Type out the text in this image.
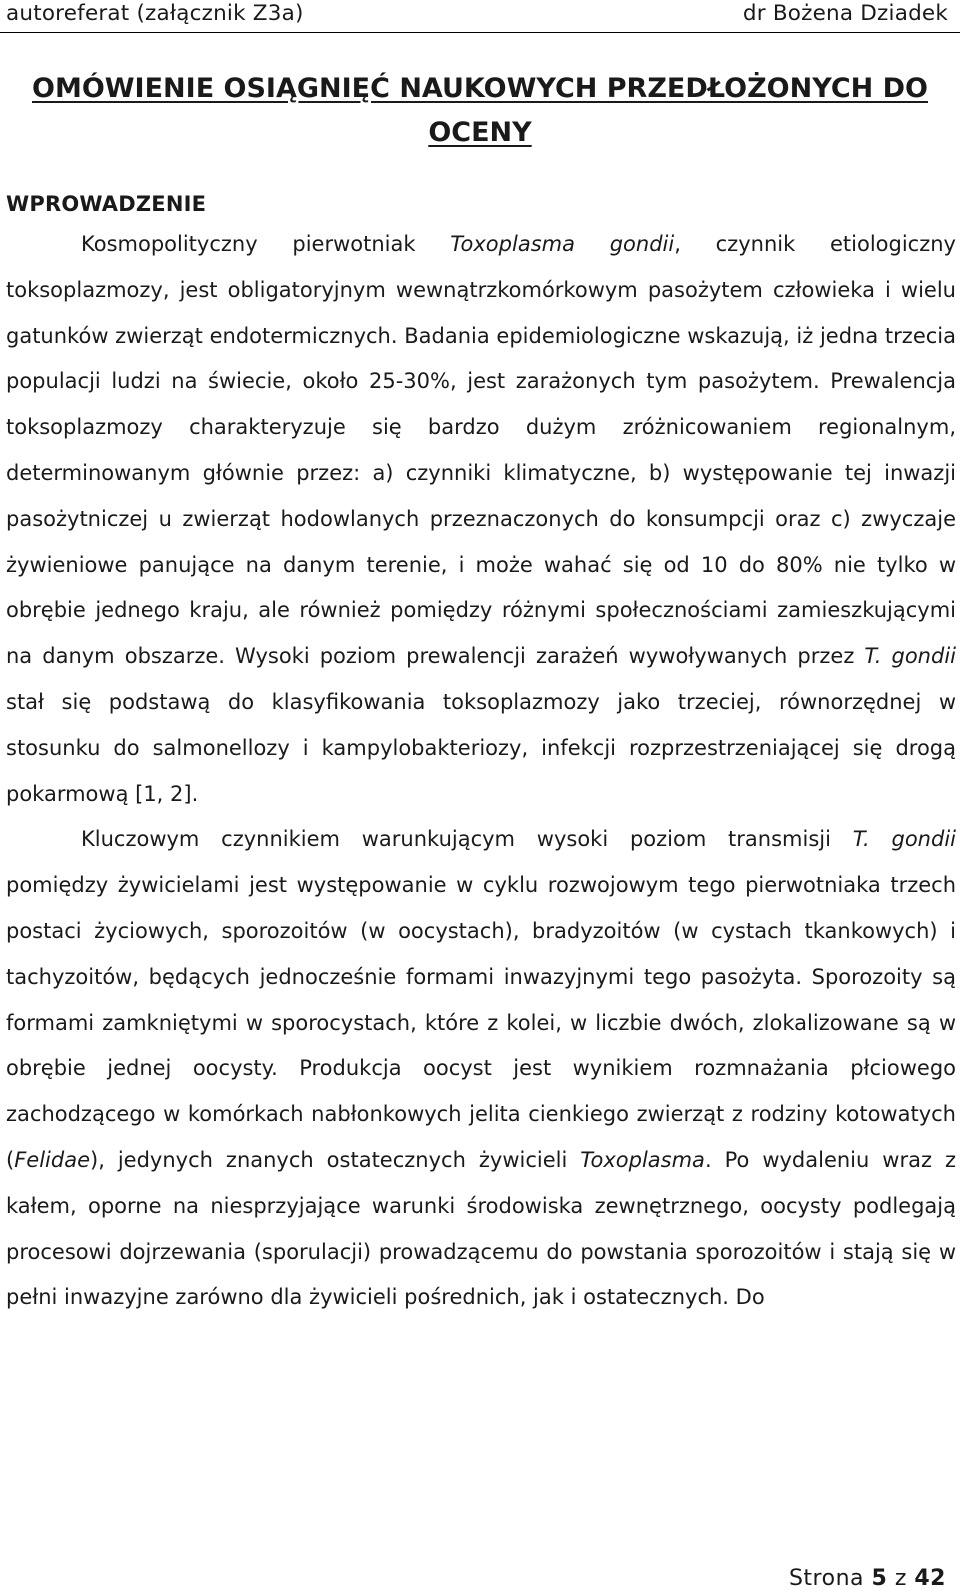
autoreferat (załącznik Z3a)	dr Bożena Dziadek
OMÓWIENIE OSIĄGNIĘĆ NAUKOWYCH PRZEDŁOŻONYCH DO OCENY
WPROWADZENIE

Kosmopolityczny pierwotniak Toxoplasma gondii, czynnik etiologiczny toksoplazmozy, jest obligatoryjnym wewnątrzkomórkowym pasożytem człowieka i wielu gatunków zwierząt endotermicznych. Badania epidemiologiczne wskazują, iż jedna trzecia populacji ludzi na świecie, około 25-30%, jest zarażonych tym pasożytem. Prewalencja toksoplazmozy charakteryzuje się bardzo dużym zróżnicowaniem regionalnym, determinowanym głównie przez: a) czynniki klimatyczne, b) występowanie tej inwazji pasożytniczej u zwierząt hodowlanych przeznaczonych do konsumpcji oraz c) zwyczaje żywieniowe panujące na danym terenie, i może wahać się od 10 do 80% nie tylko w obrębie jednego kraju, ale również pomiędzy różnymi społecznościami zamieszkującymi na danym obszarze. Wysoki poziom prewalencji zarażeń wywoływanych przez T. gondii stał się podstawą do klasyfikowania toksoplazmozy jako trzeciej, równorzędnej w stosunku do salmonellozy i kampylobakteriozy, infekcji rozprzestrzeniającej się drogą pokarmową [1, 2].

Kluczowym czynnikiem warunkującym wysoki poziom transmisji T. gondii pomiędzy żywicielami jest występowanie w cyklu rozwojowym tego pierwotniaka trzech postaci życiowych, sporozoitów (w oocystach), bradyzoitów (w cystach tkankowych) i tachyzoitów, będących jednocześnie formami inwazyjnymi tego pasożyta. Sporozoity są formami zamkniętymi w sporocystach, które z kolei, w liczbie dwóch, zlokalizowane są w obrębie jednej oocysty. Produkcja oocyst jest wynikiem rozmnażania płciowego zachodzącego w komórkach nabłonkowych jelita cienkiego zwierząt z rodziny kotowatych (Felidae), jedynych znanych ostatecznych żywicieli Toxoplasma. Po wydaleniu wraz z kałem, oporne na niesprzyjające warunki środowiska zewnętrznego, oocysty podlegają procesowi dojrzewania (sporulacji) prowadzącemu do powstania sporozoitów i stają się w pełni inwazyjne zarówno dla żywicieli pośrednich, jak i ostatecznych. Do

Strona 5 z 42
